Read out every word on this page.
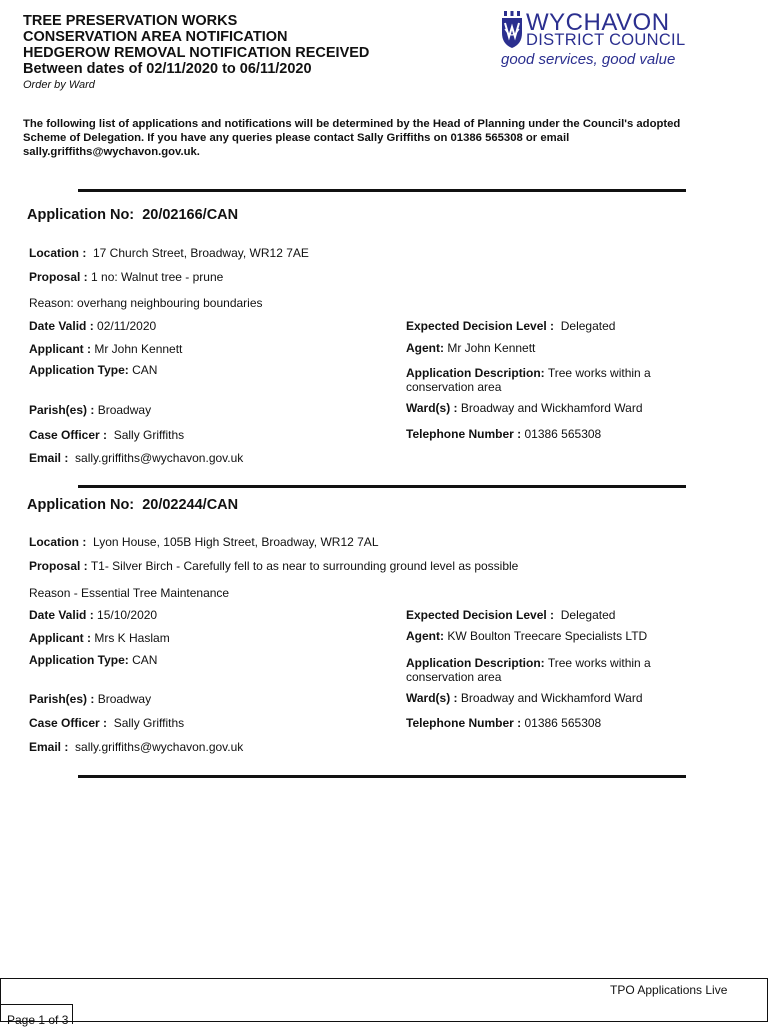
TREE PRESERVATION WORKS
CONSERVATION AREA NOTIFICATION
HEDGEROW REMOVAL NOTIFICATION RECEIVED
Between dates of 02/11/2020 to 06/11/2020
Order by Ward
WYCHAVON
DISTRICT COUNCIL
good services, good value
The following list of applications and notifications will be determined by the Head of Planning under the Council's adopted Scheme of Delegation. If you have any queries please contact Sally Griffiths on 01386 565308 or email sally.griffiths@wychavon.gov.uk.
Application No: 20/02166/CAN
Location : 17 Church Street, Broadway, WR12 7AE
Proposal : 1 no: Walnut tree - prune
Reason: overhang neighbouring boundaries
Date Valid : 02/11/2020
Applicant : Mr John Kennett
Application Type: CAN
Parish(es) : Broadway
Case Officer : Sally Griffiths
Email : sally.griffiths@wychavon.gov.uk
Expected Decision Level : Delegated
Agent: Mr John Kennett
Application Description: Tree works within a
conservation area
Ward(s) : Broadway and Wickhamford Ward
Telephone Number : 01386 565308
Application No: 20/02244/CAN
Location : Lyon House, 105B High Street, Broadway, WR12 7AL
Proposal : T1- Silver Birch - Carefully fell to as near to surrounding ground level as possible
Reason - Essential Tree Maintenance
Date Valid : 15/10/2020
Applicant : Mrs K Haslam
Application Type: CAN
Parish(es) : Broadway
Case Officer : Sally Griffiths
Email : sally.griffiths@wychavon.gov.uk
Expected Decision Level : Delegated
Agent: KW Boulton Treecare Specialists LTD
Application Description: Tree works within a
conservation area
Ward(s) : Broadway and Wickhamford Ward
Telephone Number : 01386 565308
Page 1 of 3
TPO Applications Live
